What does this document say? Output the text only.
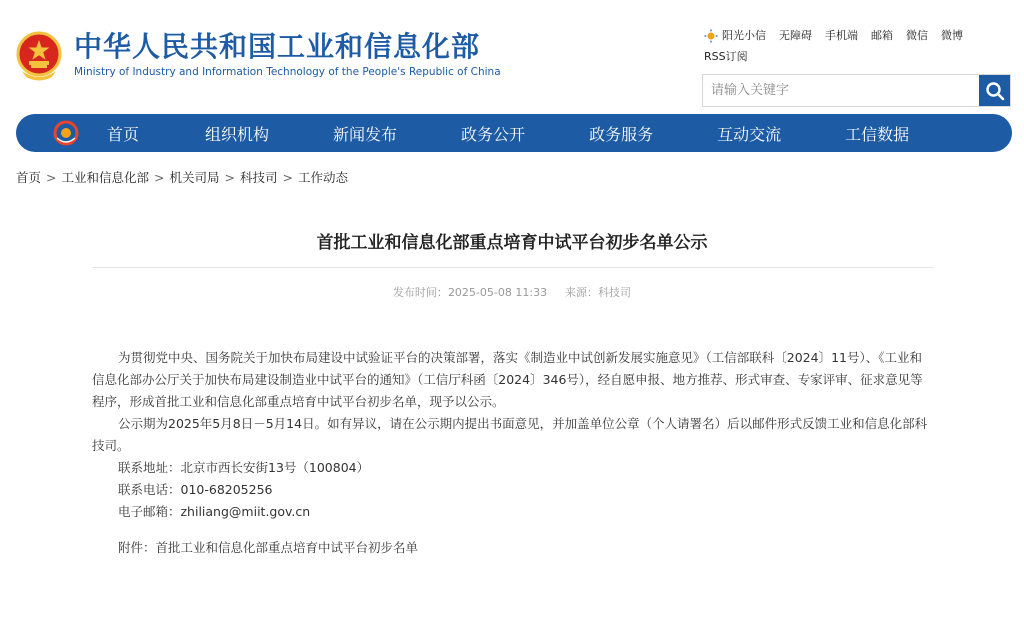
中华人民共和国工业和信息化部
Ministry of Industry and Information Technology of the People's Republic of China
阳光小信 无障碍 手机端 邮箱 微信 微博
RSS订阅
请输入关键字
首页	组织机构	新闻发布	政务公开	政务服务	互动交流	工信数据
首页 > 工业和信息化部 > 机关司局 > 科技司 > 工作动态
首批工业和信息化部重点培育中试平台初步名单公示
发布时间：2025-05-08 11:33 来源：科技司

为贯彻党中央、国务院关于加快布局建设中试验证平台的决策部署，落实《制造业中试创新发展实施意见》（工信部联科〔2024〕11号）、《工业和信息化部办公厅关于加快布局建设制造业中试平台的通知》（工信厅科函〔2024〕346号），经自愿申报、地方推荐、形式审查、专家评审、征求意见等程序，形成首批工业和信息化部重点培育中试平台初步名单，现予以公示。

公示期为2025年5月8日－5月14日。如有异议，请在公示期内提出书面意见，并加盖单位公章（个人请署名）后以邮件形式反馈工业和信息化部科技司。

联系地址：北京市西长安街13号（100804）
联系电话：010-68205256
电子邮箱：zhiliang@miit.gov.cn
附件：首批工业和信息化部重点培育中试平台初步名单
